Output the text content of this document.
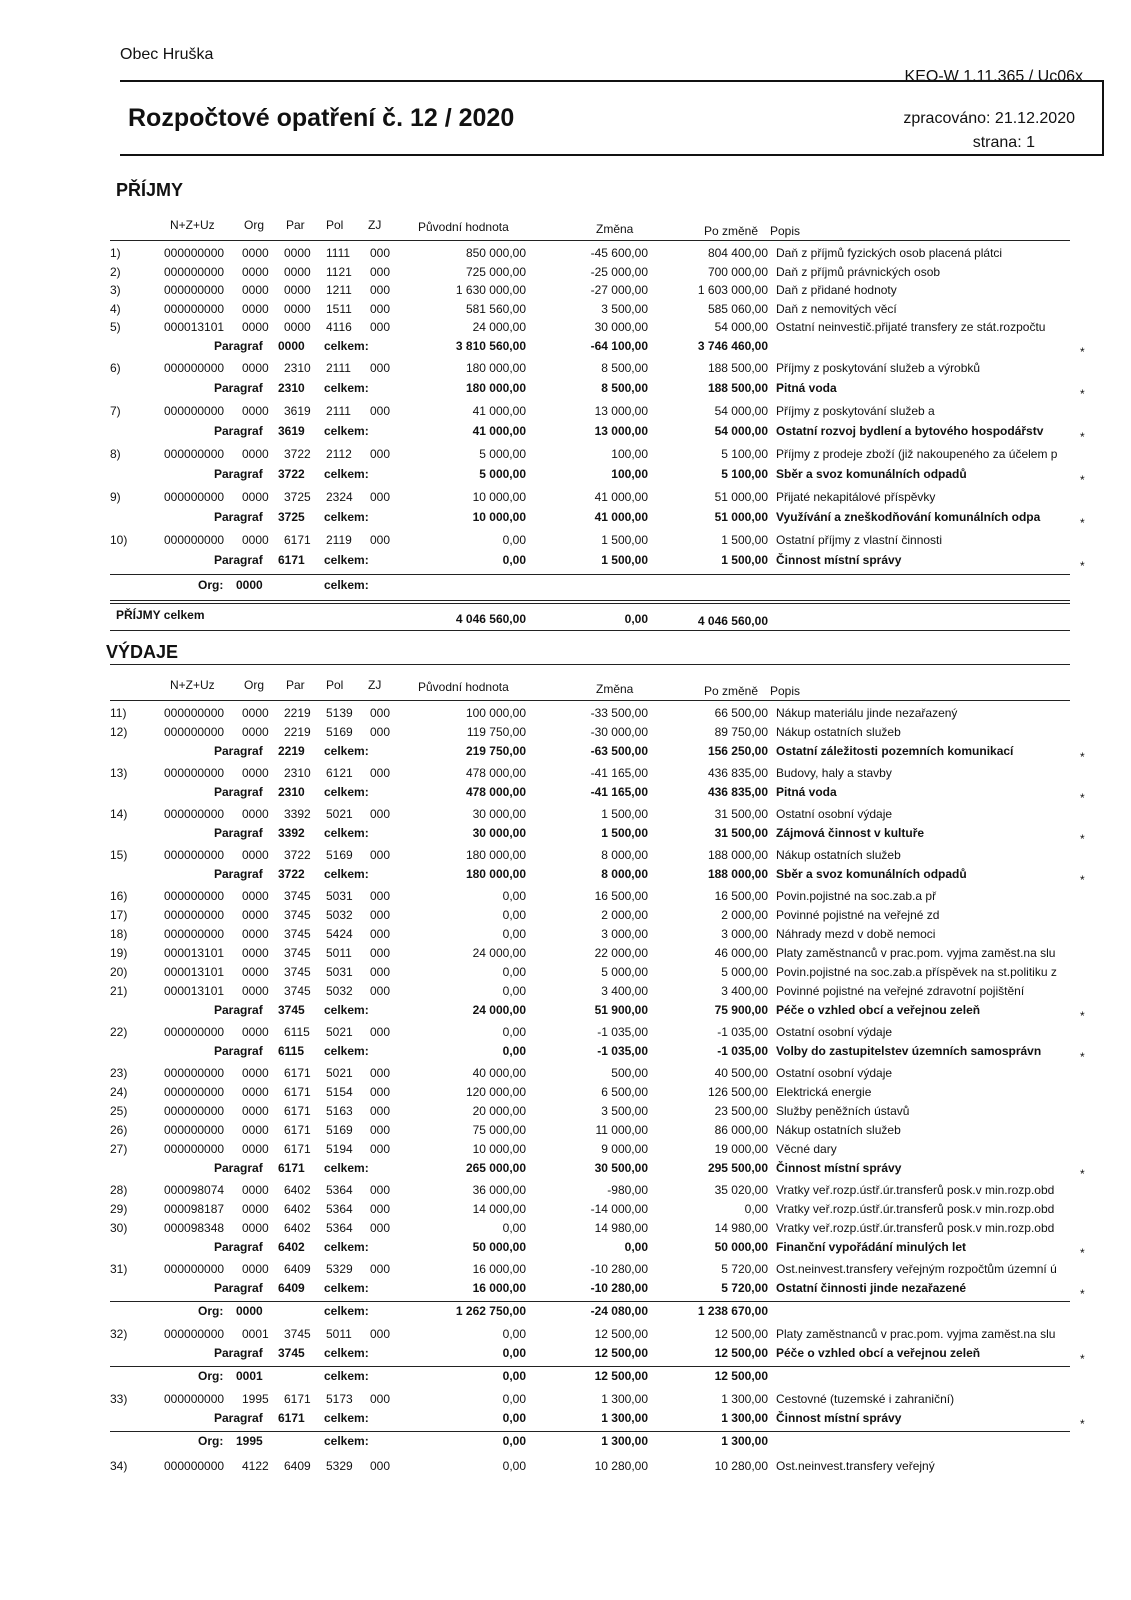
Obec Hruška
KEO-W 1.11.365 / Uc06x
Rozpočtové opatření č. 12 / 2020	zpracováno: 21.12.2020
strana: 1
PŘÍJMY
N+Z+Uz Org Par Pol ZJ	Původní hodnota	Změna	Po změně Popis
1)	000000000 0000 0000 1111 000	850 000,00	-45 600,00	804 400,00 Daň z příjmů fyzických osob placená plátci
2)	000000000 0000 0000 1121 000	725 000,00	-25 000,00	700 000,00 Daň z příjmů právnických osob
3)	000000000 0000 0000 1211 000	1 630 000,00	-27 000,00	1 603 000,00 Daň z přidané hodnoty
4)	000000000 0000 0000 1511 000	581 560,00	3 500,00	585 060,00 Daň z nemovitých věcí
5)	000013101 0000 0000 4116 000	24 000,00	30 000,00	54 000,00 Ostatní neinvestič.přijaté transfery ze stát.rozpočtu
Paragraf 0000 celkem:	3 810 560,00	-64 100,00	3 746 460,00	*
6)	000000000 0000 2310 2111 000	180 000,00	8 500,00	188 500,00 Příjmy z poskytování služeb a výrobků
Paragraf 2310 celkem:	180 000,00	8 500,00	188 500,00 Pitná voda	*
7)	000000000 0000 3619 2111 000	41 000,00	13 000,00	54 000,00 Příjmy z poskytování služeb a
Paragraf 3619 celkem:	41 000,00	13 000,00	54 000,00 Ostatní rozvoj bydlení a bytového hospodářstv	*
8)	000000000 0000 3722 2112 000	5 000,00	100,00	5 100,00 Příjmy z prodeje zboží (již nakoupeného za účelem p
Paragraf 3722 celkem:	5 000,00	100,00	5 100,00 Sběr a svoz komunálních odpadů	*
9)	000000000 0000 3725 2324 000	10 000,00	41 000,00	51 000,00 Přijaté nekapitálové příspěvky
Paragraf 3725 celkem:	10 000,00	41 000,00	51 000,00 Využívání a zneškodňování komunálních odpa	*
10)	000000000 0000 6171 2119 000	0,00	1 500,00	1 500,00 Ostatní příjmy z vlastní činnosti
Paragraf 6171 celkem:	0,00	1 500,00	1 500,00 Činnost místní správy	*
Org: 0000	celkem:
PŘÍJMY celkem	4 046 560,00	0,00	4 046 560,00
VÝDAJE
N+Z+Uz Org Par Pol ZJ	Původní hodnota	Změna	Po změně Popis
11)	000000000 0000 2219 5139 000	100 000,00	-33 500,00	66 500,00 Nákup materiálu jinde nezařazený
12)	000000000 0000 2219 5169 000	119 750,00	-30 000,00	89 750,00 Nákup ostatních služeb
Paragraf 2219 celkem:	219 750,00	-63 500,00	156 250,00 Ostatní záležitosti pozemních komunikací	*
13)	000000000 0000 2310 6121 000	478 000,00	-41 165,00	436 835,00 Budovy, haly a stavby
Paragraf 2310 celkem:	478 000,00	-41 165,00	436 835,00 Pitná voda	*
14)	000000000 0000 3392 5021 000	30 000,00	1 500,00	31 500,00 Ostatní osobní výdaje
Paragraf 3392 celkem:	30 000,00	1 500,00	31 500,00 Zájmová činnost v kultuře	*
15)	000000000 0000 3722 5169 000	180 000,00	8 000,00	188 000,00 Nákup ostatních služeb
Paragraf 3722 celkem:	180 000,00	8 000,00	188 000,00 Sběr a svoz komunálních odpadů	*
16)	000000000 0000 3745 5031 000	0,00	16 500,00	16 500,00 Povin.pojistné na soc.zab.a př
17)	000000000 0000 3745 5032 000	0,00	2 000,00	2 000,00 Povinné pojistné na veřejné zd
18)	000000000 0000 3745 5424 000	0,00	3 000,00	3 000,00 Náhrady mezd v době nemoci
19)	000013101 0000 3745 5011 000	24 000,00	22 000,00	46 000,00 Platy zaměstnanců v prac.pom. vyjma zaměst.na slu
20)	000013101 0000 3745 5031 000	0,00	5 000,00	5 000,00 Povin.pojistné na soc.zab.a příspěvek na st.politiku z
21)	000013101 0000 3745 5032 000	0,00	3 400,00	3 400,00 Povinné pojistné na veřejné zdravotní pojištění
Paragraf 3745 celkem:	24 000,00	51 900,00	75 900,00 Péče o vzhled obcí a veřejnou zeleň	*
22)	000000000 0000 6115 5021 000	0,00	-1 035,00	-1 035,00 Ostatní osobní výdaje
Paragraf 6115 celkem:	0,00	-1 035,00	-1 035,00 Volby do zastupitelstev územních samosprávn	*
23)	000000000 0000 6171 5021 000	40 000,00	500,00	40 500,00 Ostatní osobní výdaje
24)	000000000 0000 6171 5154 000	120 000,00	6 500,00	126 500,00 Elektrická energie
25)	000000000 0000 6171 5163 000	20 000,00	3 500,00	23 500,00 Služby peněžních ústavů
26)	000000000 0000 6171 5169 000	75 000,00	11 000,00	86 000,00 Nákup ostatních služeb
27)	000000000 0000 6171 5194 000	10 000,00	9 000,00	19 000,00 Věcné dary
Paragraf 6171 celkem:	265 000,00	30 500,00	295 500,00 Činnost místní správy	*
28)	000098074 0000 6402 5364 000	36 000,00	-980,00	35 020,00 Vratky veř.rozp.ústř.úr.transferů posk.v min.rozp.obd
29)	000098187 0000 6402 5364 000	14 000,00	-14 000,00	0,00 Vratky veř.rozp.ústř.úr.transferů posk.v min.rozp.obd
30)	000098348 0000 6402 5364 000	0,00	14 980,00	14 980,00 Vratky veř.rozp.ústř.úr.transferů posk.v min.rozp.obd
Paragraf 6402 celkem:	50 000,00	0,00	50 000,00 Finanční vypořádání minulých let	*
31)	000000000 0000 6409 5329 000	16 000,00	-10 280,00	5 720,00 Ost.neinvest.transfery veřejným rozpočtům územní ú
Paragraf 6409 celkem:	16 000,00	-10 280,00	5 720,00 Ostatní činnosti jinde nezařazené	*
Org: 0000	celkem:	1 262 750,00	-24 080,00	1 238 670,00
32)	000000000 0001 3745 5011 000	0,00	12 500,00	12 500,00 Platy zaměstnanců v prac.pom. vyjma zaměst.na slu
Paragraf 3745 celkem:	0,00	12 500,00	12 500,00 Péče o vzhled obcí a veřejnou zeleň	*
Org: 0001	celkem:	0,00	12 500,00	12 500,00
33)	000000000 1995 6171 5173 000	0,00	1 300,00	1 300,00 Cestovné (tuzemské i zahraniční)
Paragraf 6171 celkem:	0,00	1 300,00	1 300,00 Činnost místní správy	*
Org: 1995	celkem:	0,00	1 300,00	1 300,00
34)	000000000 4122 6409 5329 000	0,00	10 280,00	10 280,00 Ost.neinvest.transfery veřejný
